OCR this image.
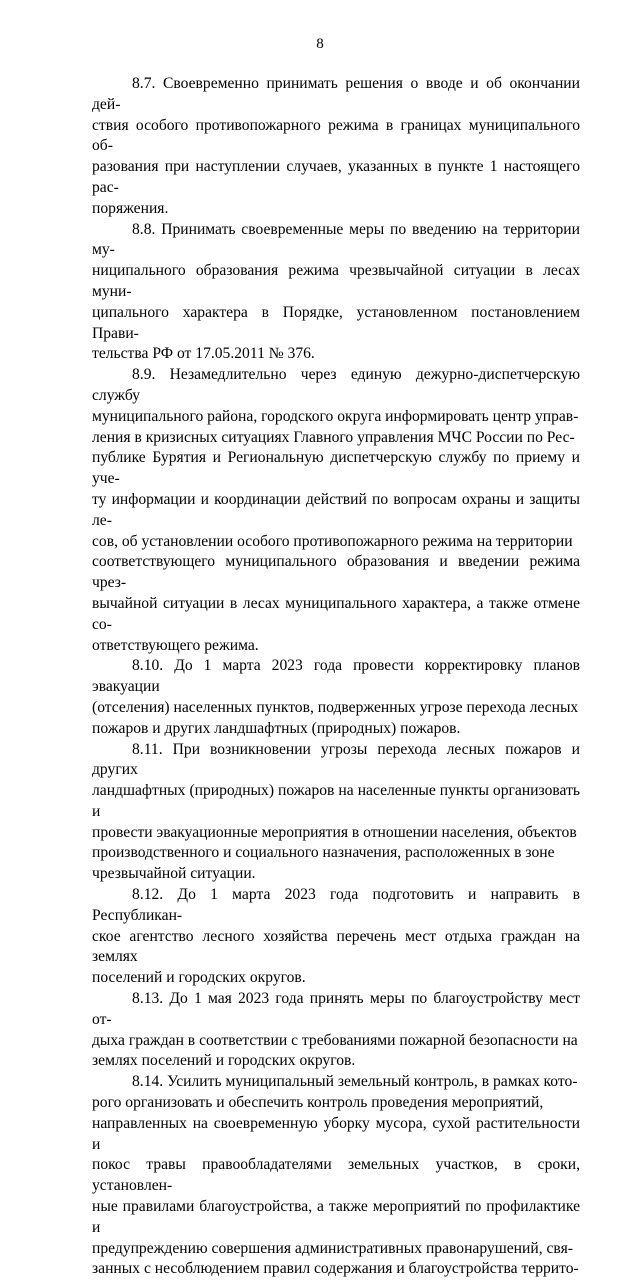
8

8.7. Своевременно принимать решения о вводе и об окончании дей-
ствия особого противопожарного режима в границах муниципального об-
разования при наступлении случаев, указанных в пункте 1 настоящего рас-
поряжения.

8.8. Принимать своевременные меры по введению на территории му-
ниципального образования режима чрезвычайной ситуации в лесах муни-
ципального характера в Порядке, установленном постановлением Прави-
тельства РФ от 17.05.2011 № 376.

8.9. Незамедлительно через единую дежурно-диспетчерскую службу
муниципального района, городского округа информировать центр управ-
ления в кризисных ситуациях Главного управления МЧС России по Рес-
публике Бурятия и Региональную диспетчерскую службу по приему и уче-
ту информации и координации действий по вопросам охраны и защиты ле-
сов, об установлении особого противопожарного режима на территории
соответствующего муниципального образования и введении режима чрез-
вычайной ситуации в лесах муниципального характера, а также отмене со-
ответствующего режима.

8.10. До 1 марта 2023 года провести корректировку планов эвакуации
(отселения) населенных пунктов, подверженных угрозе перехода лесных
пожаров и других ландшафтных (природных) пожаров.

8.11. При возникновении угрозы перехода лесных пожаров и других
ландшафтных (природных) пожаров на населенные пункты организовать и
провести эвакуационные мероприятия в отношении населения, объектов
производственного и социального назначения, расположенных в зоне
чрезвычайной ситуации.

8.12. До 1 марта 2023 года подготовить и направить в Республикан-
ское агентство лесного хозяйства перечень мест отдыха граждан на землях
поселений и городских округов.

8.13. До 1 мая 2023 года принять меры по благоустройству мест от-
дыха граждан в соответствии с требованиями пожарной безопасности на
землях поселений и городских округов.

8.14. Усилить муниципальный земельный контроль, в рамках кото-
рого организовать и обеспечить контроль проведения мероприятий,
направленных на своевременную уборку мусора, сухой растительности и
покос травы правообладателями земельных участков, в сроки, установлен-
ные правилами благоустройства, а также мероприятий по профилактике и
предупреждению совершения административных правонарушений, свя-
занных с несоблюдением правил содержания и благоустройства террито-
